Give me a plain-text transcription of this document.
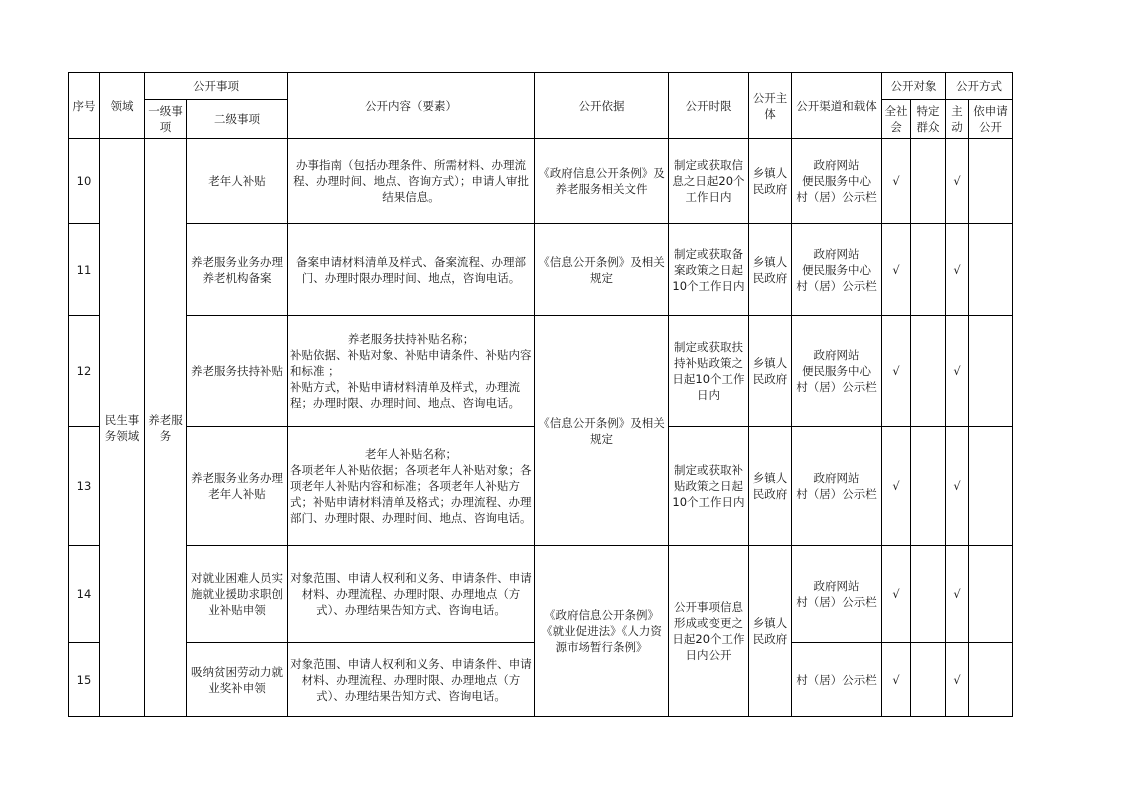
序号	领域	公开事项		公开内容（要素）	公开依据	公开时限	公开主体	公开渠道和载体	公开对象		公开方式	
		一级事项	二级事项						全社会	特定群众	主动	依申请公开
10	民生事务领域	养老服务	老年人补贴	办事指南（包括办理条件、所需材料、办理流程、办理时间、地点、咨询方式）；申请人审批结果信息。	《政府信息公开条例》及养老服务相关文件	制定或获取信息之日起20个工作日内	乡镇人民政府	政府网站
便民服务中心
村（居）公示栏	√		√	
11			养老服务业务办理养老机构备案	备案申请材料清单及样式、备案流程、办理部门、办理时限办理时间、地点，咨询电话。	《信息公开条例》及相关规定	制定或获取备案政策之日起10个工作日内	乡镇人民政府	政府网站
便民服务中心
村（居）公示栏	√		√	
12			养老服务扶持补贴	养老服务扶持补贴名称；
补贴依据、补贴对象、补贴申请条件、补贴内容和标准 ；
补贴方式，补贴申请材料清单及样式，办理流程；办理时限、办理时间、地点、咨询电话。	《信息公开条例》及相关规定	制定或获取扶持补贴政策之日起10个工作日内	乡镇人民政府	政府网站
便民服务中心
村（居）公示栏	√		√	
13			养老服务业务办理老年人补贴	老年人补贴名称；
各项老年人补贴依据；各项老年人补贴对象；各项老年人补贴内容和标准；各项老年人补贴方式；补贴申请材料清单及格式；办理流程、办理部门、办理时限、办理时间、地点、咨询电话。		制定或获取补贴政策之日起10个工作日内	乡镇人民政府	政府网站
村（居）公示栏	√		√	
14			对就业困难人员实施就业援助求职创业补贴申领	对象范围、申请人权利和义务、申请条件、申请材料、办理流程、办理时限、办理地点（方式）、办理结果告知方式、咨询电话。	《政府信息公开条例》《就业促进法》《人力资源市场暂行条例》	公开事项信息形成或变更之日起20个工作日内公开	乡镇人民政府	政府网站
村（居）公示栏	√		√	
15			吸纳贫困劳动力就业奖补申领	对象范围、申请人权利和义务、申请条件、申请材料、办理流程、办理时限、办理地点（方式）、办理结果告知方式、咨询电话。				村（居）公示栏	√		√	
